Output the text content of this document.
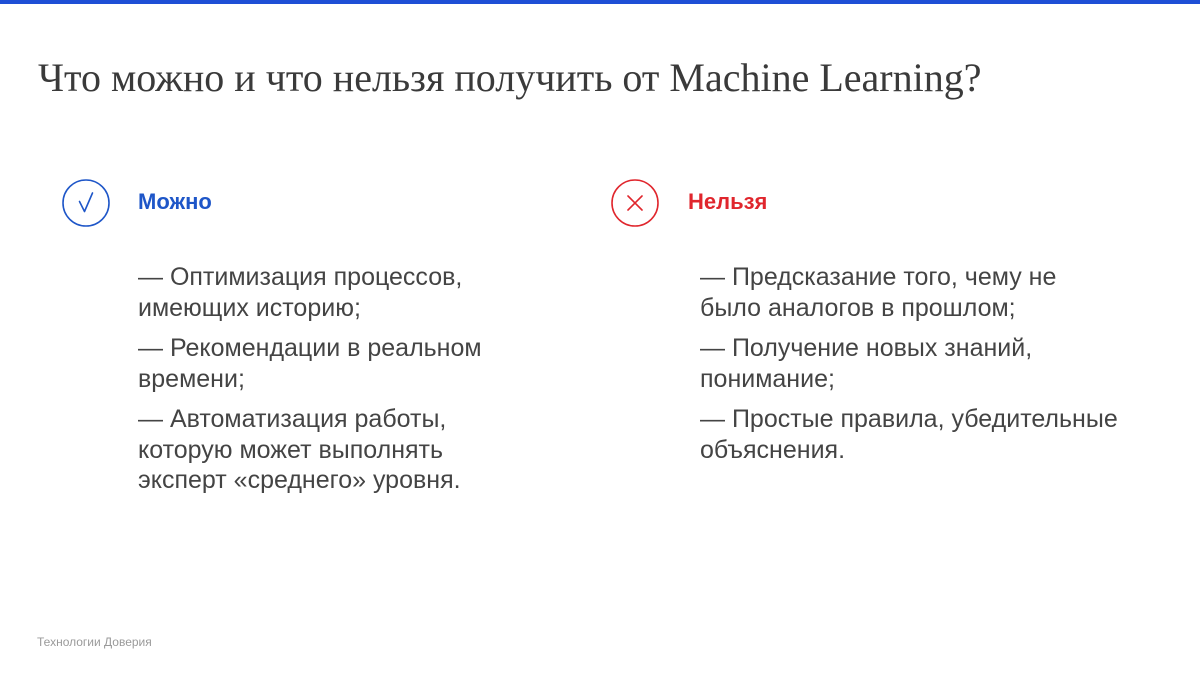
Что можно и что нельзя получить от Machine Learning?
Можно
— Оптимизация процессов, имеющих историю;
— Рекомендации в реальном времени;
— Автоматизация работы, которую может выполнять эксперт «среднего» уровня.
Нельзя
— Предсказание того, чему не было аналогов в прошлом;
— Получение новых знаний, понимание;
— Простые правила, убедительные объяснения.
Технологии Доверия
